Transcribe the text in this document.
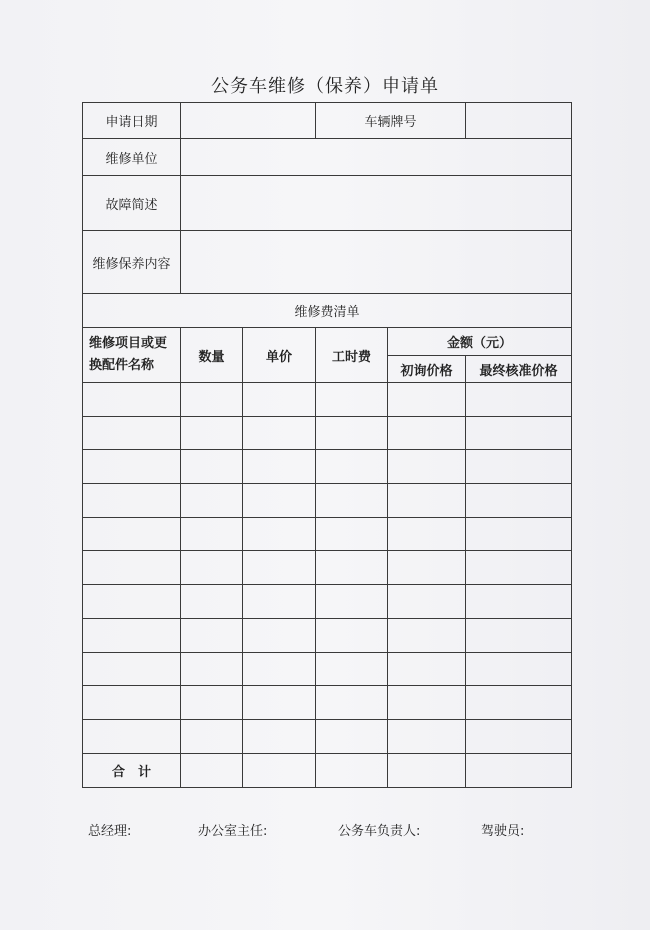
公务车维修（保养）申请单
申请日期			车辆牌号		
维修单位					
故障简述					
维修保养内容					
维修费清单					
维修项目或更换配件名称	数量	单价	工时费	金额（元）	
				初询价格	最终核准价格

合　计					
总经理:	办公室主任:	公务车负责人:	驾驶员:
